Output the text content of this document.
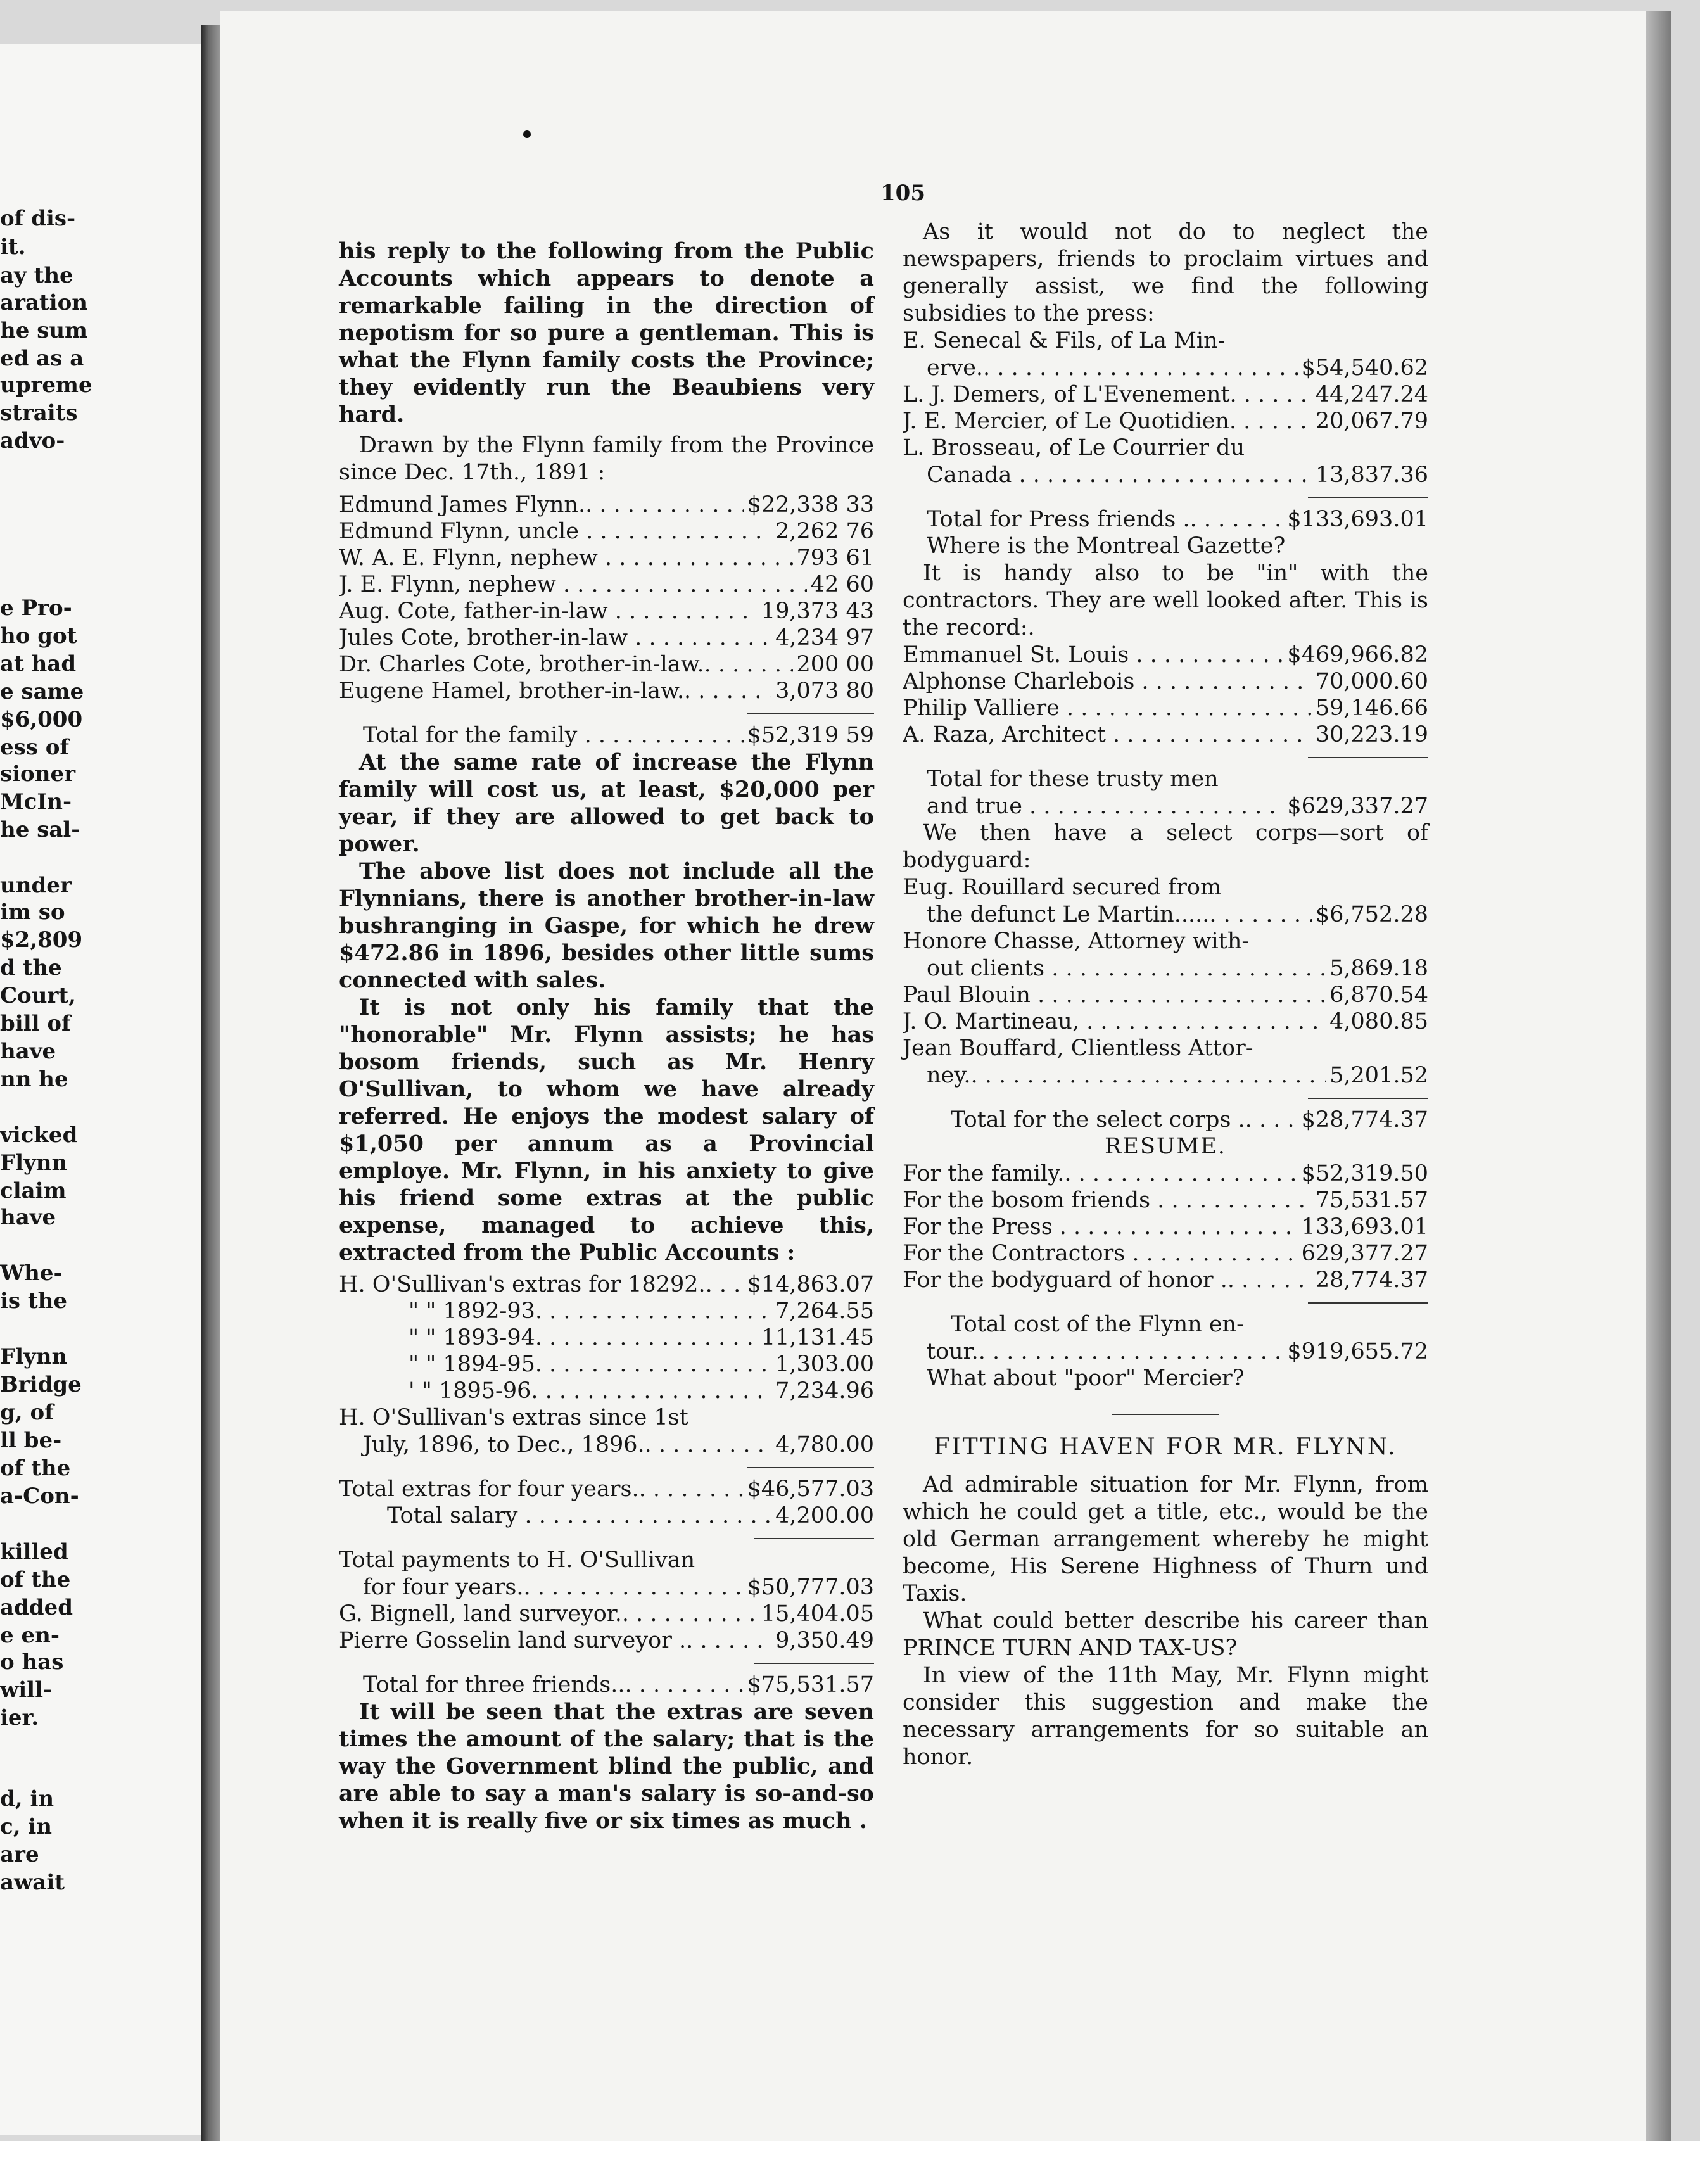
of dis-
it.
ay the
aration
he sum
ed as a
upreme
straits
advo-
e Pro-
ho got
at had
e same
$6,000
ess of
sioner
McIn-
he sal-
under
im so
$2,809
d the
Court,
bill of
have
nn he
vicked
Flynn
claim
have
Whe-
is the
Flynn
Bridge
g, of
ll be-
of the
a-Con-
killed
of the
added
e en-
o has
will-
ier.
d, in
c, in
are
await
105

his reply to the following from the Public Accounts which appears to denote a remarkable failing in the direction of nepotism for so pure a gentleman. This is what the Flynn family costs the Province; they evidently run the Beaubiens very hard.

Drawn by the Flynn family from the Province since Dec. 17th., 1891 :

Edmund James Flynn.. . . .	$22,338 33
Edmund Flynn, uncle . . .	2,262 76
W. A. E. Flynn, nephew . . .	793 61
J. E. Flynn, nephew . . .	42 60
Aug. Cote, father-in-law . . .	19,373 43
Jules Cote, brother-in-law . . .	4,234 97
Dr. Charles Cote, brother-in-law.. . . .	200 00
Eugene Hamel, brother-in-law.. . . .	3,073 80
Total for the family . . .	$52,319 59

At the same rate of increase the Flynn family will cost us, at least, $20,000 per year, if they are allowed to get back to power.

The above list does not include all the Flynnians, there is another brother-in-law bushranging in Gaspe, for which he drew $472.86 in 1896, besides other little sums connected with sales.

It is not only his family that the "honorable" Mr. Flynn assists; he has bosom friends, such as Mr. Henry O'Sullivan, to whom we have already referred. He enjoys the modest salary of $1,050 per annum as a Provincial employe. Mr. Flynn, in his anxiety to give his friend some extras at the public expense, managed to achieve this, extracted from the Public Accounts :

H. O'Sullivan's extras for 18292.. . . .	$14,863.07
" " 1892-93. . . .	7,264.55
" " 1893-94. . . .	11,131.45
" " 1894-95. . . .	1,303.00
' " 1895-96. . . .	7,234.96

H. O'Sullivan's extras since 1st

July, 1896, to Dec., 1896.. . . .	4,780.00
Total extras for four years.. . . .	$46,577.03
Total salary . . .	4,200.00

Total payments to H. O'Sullivan

for four years.. . . .	$50,777.03
G. Bignell, land surveyor.. . . .	15,404.05
Pierre Gosselin land surveyor .. . . .	9,350.49
Total for three friends... . . .	$75,531.57

It will be seen that the extras are seven times the amount of the salary; that is the way the Government blind the public, and are able to say a man's salary is so-and-so when it is really five or six times as much .

As it would not do to neglect the newspapers, friends to proclaim virtues and generally assist, we find the following subsidies to the press:

E. Senecal & Fils, of La Min-

erve.. . . .	$54,540.62
L. J. Demers, of L'Evenement. . . .	44,247.24
J. E. Mercier, of Le Quotidien. . . .	20,067.79

L. Brosseau, of Le Courrier du

Canada . . .	13,837.36
Total for Press friends .. . . .	$133,693.01

Where is the Montreal Gazette?

It is handy also to be "in" with the contractors. They are well looked after. This is the record:.

Emmanuel St. Louis . . .	$469,966.82
Alphonse Charlebois . . .	70,000.60
Philip Valliere . . .	59,146.66
A. Raza, Architect . . .	30,223.19

Total for these trusty men

and true . . .	$629,337.27

We then have a select corps—sort of bodyguard:

Eug. Rouillard secured from

the defunct Le Martin...... . . .	$6,752.28

Honore Chasse, Attorney with-

out clients . . .	5,869.18
Paul Blouin . . .	6,870.54
J. O. Martineau, . . .	4,080.85

Jean Bouffard, Clientless Attor-

ney.. . . .	5,201.52
Total for the select corps .. . . .	$28,774.37

RESUME.

For the family.. . . .	$52,319.50
For the bosom friends . . .	75,531.57
For the Press . . .	133,693.01
For the Contractors . . .	629,377.27
For the bodyguard of honor .. . . .	28,774.37

Total cost of the Flynn en-

tour.. . . .	$919,655.72

What about "poor" Mercier?

FITTING HAVEN FOR MR. FLYNN.

Ad admirable situation for Mr. Flynn, from which he could get a title, etc., would be the old German arrangement whereby he might become, His Serene Highness of Thurn und Taxis.

What could better describe his career than PRINCE TURN AND TAX-US?

In view of the 11th May, Mr. Flynn might consider this suggestion and make the necessary arrangements for so suitable an honor.
